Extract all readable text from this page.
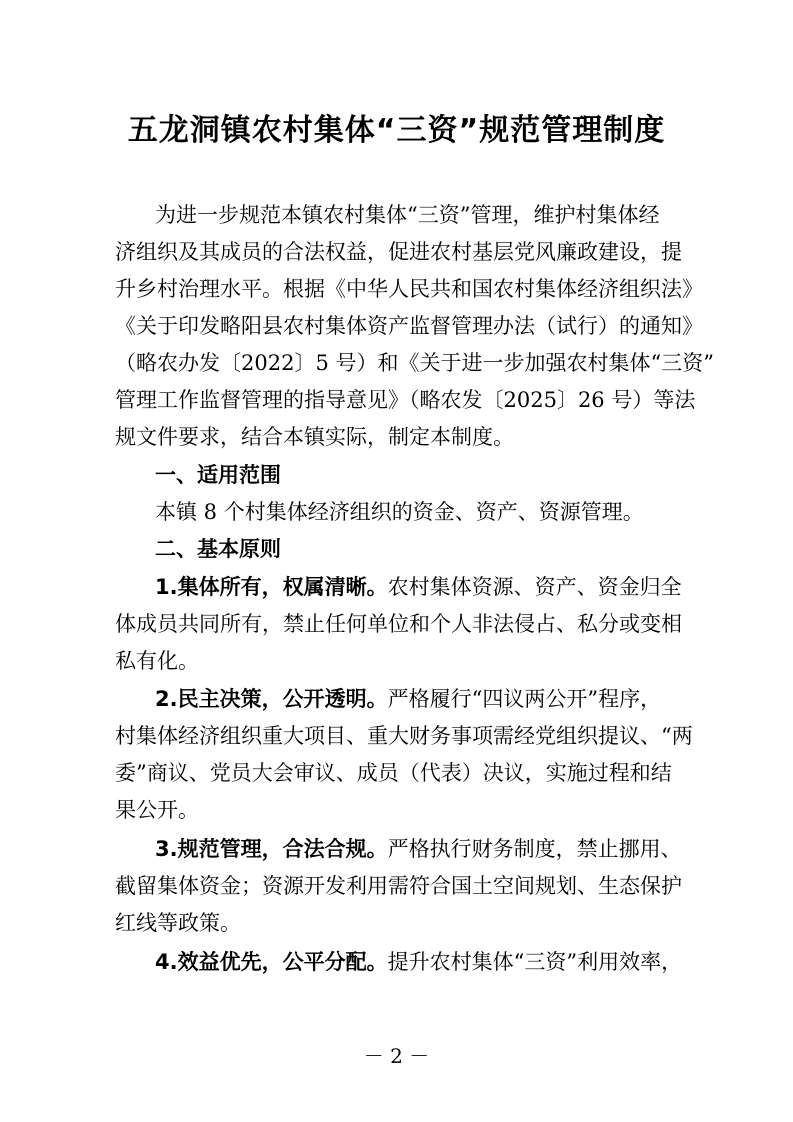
五龙洞镇农村集体“三资”规范管理制度
为进一步规范本镇农村集体“三资”管理，维护村集体经
济组织及其成员的合法权益，促进农村基层党风廉政建设，提
升乡村治理水平。根据《中华人民共和国农村集体经济组织法》
《关于印发略阳县农村集体资产监督管理办法（试行）的通知》
（略农办发〔2022〕5 号）和《关于进一步加强农村集体“三资”
管理工作监督管理的指导意见》（略农发〔2025〕26 号）等法
规文件要求，结合本镇实际，制定本制度。
一、适用范围
本镇 8 个村集体经济组织的资金、资产、资源管理。
二、基本原则
1.集体所有，权属清晰。农村集体资源、资产、资金归全
体成员共同所有，禁止任何单位和个人非法侵占、私分或变相
私有化。
2.民主决策，公开透明。严格履行“四议两公开”程序，
村集体经济组织重大项目、重大财务事项需经党组织提议、“两
委”商议、党员大会审议、成员（代表）决议，实施过程和结
果公开。
3.规范管理，合法合规。严格执行财务制度，禁止挪用、
截留集体资金；资源开发利用需符合国土空间规划、生态保护
红线等政策。
4.效益优先，公平分配。提升农村集体“三资”利用效率，
－ 2 －
